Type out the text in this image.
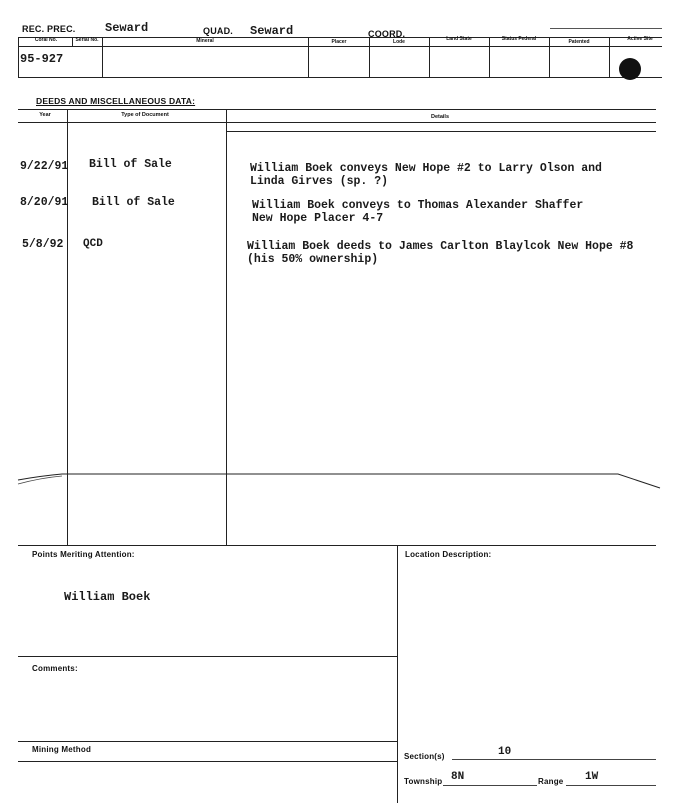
REC. PREC. Seward	QUAD. Seward	COORD.
Coral No.	Serial No.	Mineral	Placer	Lode	Land State	Status Federal	Patented	Active Site
95-927
DEEDS AND MISCELLANEOUS DATA:
Year	Type of Document	Details
9/22/91 Bill of Sale	William Boek conveys New Hope #2 to Larry Olson and
Linda Girves (sp. ?)
8/20/91 Bill of Sale	William Boek conveys to Thomas Alexander Shaffer
New Hope Placer 4-7
5/8/92 QCD	William Boek deeds to James Carlton Blaylcok New Hope #8
(his 50% ownership)
Points Meriting Attention:
William Boek
Comments:
Mining Method
Location Description:
Section(s)	10
Township 8N	Range 1W
